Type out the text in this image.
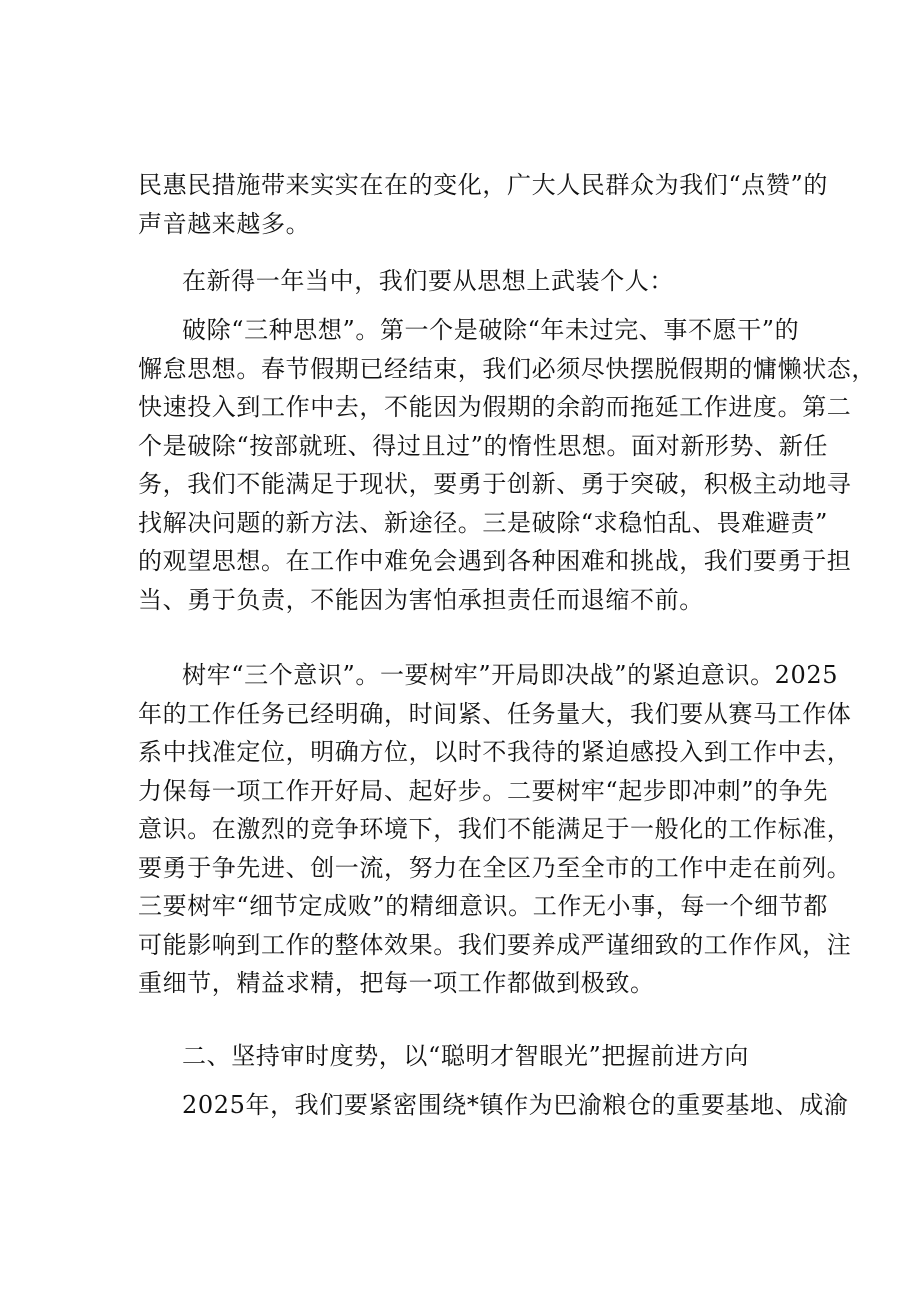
民惠民措施带来实实在在的变化，广大人民群众为我们“点赞”的
声音越来越多。

在新得一年当中，我们要从思想上武装个人：

破除“三种思想”。第一个是破除“年未过完、事不愿干”的
懈怠思想。春节假期已经结束，我们必须尽快摆脱假期的慵懒状态，
快速投入到工作中去，不能因为假期的余韵而拖延工作进度。第二
个是破除“按部就班、得过且过”的惰性思想。面对新形势、新任
务，我们不能满足于现状，要勇于创新、勇于突破，积极主动地寻
找解决问题的新方法、新途径。三是破除“求稳怕乱、畏难避责”
的观望思想。在工作中难免会遇到各种困难和挑战，我们要勇于担
当、勇于负责，不能因为害怕承担责任而退缩不前。

树牢“三个意识”。一要树牢”开局即决战”的紧迫意识。2025
年的工作任务已经明确，时间紧、任务量大，我们要从赛马工作体
系中找准定位，明确方位，以时不我待的紧迫感投入到工作中去，
力保每一项工作开好局、起好步。二要树牢“起步即冲刺”的争先
意识。在激烈的竞争环境下，我们不能满足于一般化的工作标准，
要勇于争先进、创一流，努力在全区乃至全市的工作中走在前列。
三要树牢“细节定成败”的精细意识。工作无小事，每一个细节都
可能影响到工作的整体效果。我们要养成严谨细致的工作作风，注
重细节，精益求精，把每一项工作都做到极致。

二、坚持审时度势，以“聪明才智眼光”把握前进方向

2025年，我们要紧密围绕*镇作为巴渝粮仓的重要基地、成渝
